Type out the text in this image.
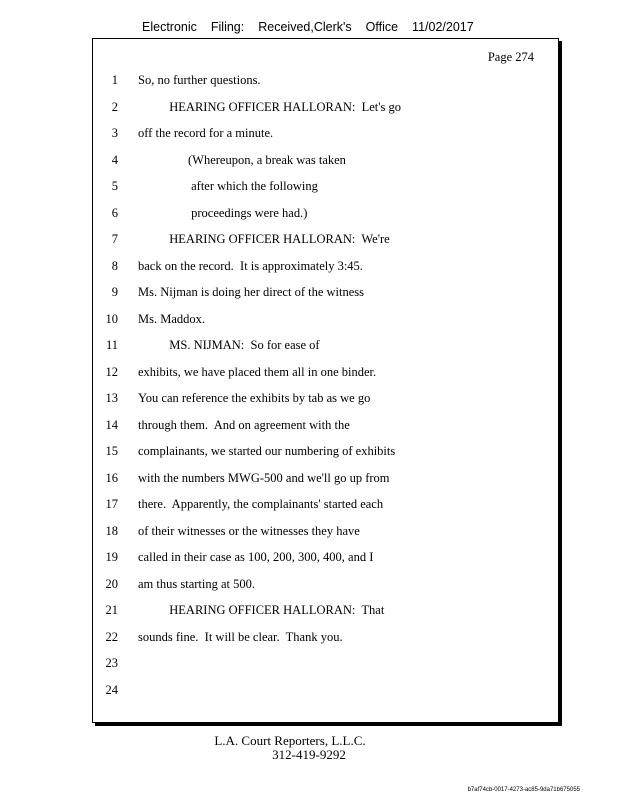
Electronic Filing: Received,Clerk's Office 11/02/2017
Page 274
1 So, no further questions.
2 HEARING OFFICER HALLORAN:  Let's go
3 off the record for a minute.
4 (Whereupon, a break was taken
5 after which the following
6 proceedings were had.)
7 HEARING OFFICER HALLORAN:  We're
8 back on the record.  It is approximately 3:45.
9 Ms. Nijman is doing her direct of the witness
10 Ms. Maddox.
11 MS. NIJMAN:  So for ease of
12 exhibits, we have placed them all in one binder.
13 You can reference the exhibits by tab as we go
14 through them.  And on agreement with the
15 complainants, we started our numbering of exhibits
16 with the numbers MWG-500 and we'll go up from
17 there.  Apparently, the complainants' started each
18 of their witnesses or the witnesses they have
19 called in their case as 100, 200, 300, 400, and I
20 am thus starting at 500.
21 HEARING OFFICER HALLORAN:  That
22 sounds fine.  It will be clear.  Thank you.
23
24
L.A. Court Reporters, L.L.C.
312-419-9292
b7af74cb-0017-4273-ac85-9da71b675055
